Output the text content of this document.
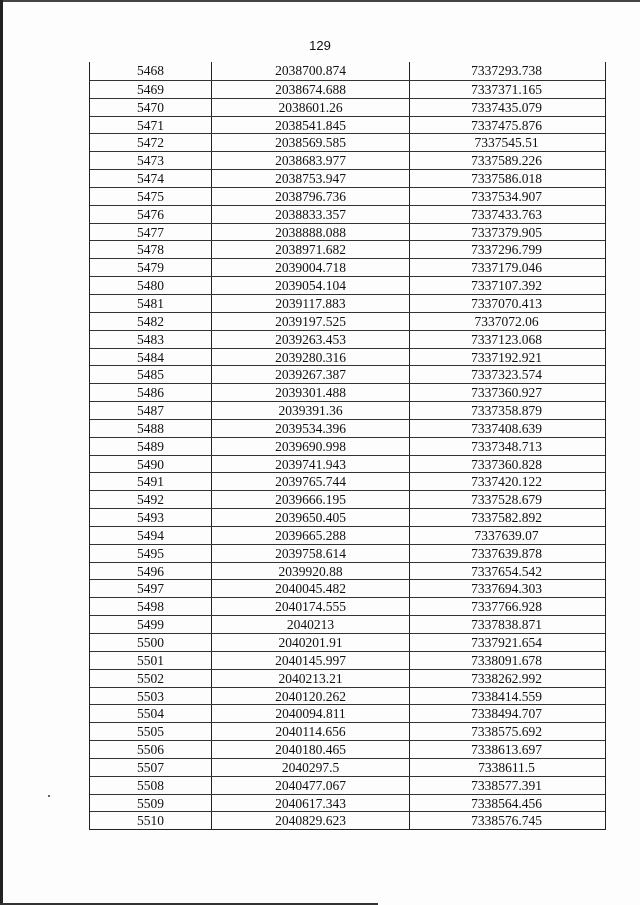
129
5468	2038700.874	7337293.738
5469	2038674.688	7337371.165
5470	2038601.26	7337435.079
5471	2038541.845	7337475.876
5472	2038569.585	7337545.51
5473	2038683.977	7337589.226
5474	2038753.947	7337586.018
5475	2038796.736	7337534.907
5476	2038833.357	7337433.763
5477	2038888.088	7337379.905
5478	2038971.682	7337296.799
5479	2039004.718	7337179.046
5480	2039054.104	7337107.392
5481	2039117.883	7337070.413
5482	2039197.525	7337072.06
5483	2039263.453	7337123.068
5484	2039280.316	7337192.921
5485	2039267.387	7337323.574
5486	2039301.488	7337360.927
5487	2039391.36	7337358.879
5488	2039534.396	7337408.639
5489	2039690.998	7337348.713
5490	2039741.943	7337360.828
5491	2039765.744	7337420.122
5492	2039666.195	7337528.679
5493	2039650.405	7337582.892
5494	2039665.288	7337639.07
5495	2039758.614	7337639.878
5496	2039920.88	7337654.542
5497	2040045.482	7337694.303
5498	2040174.555	7337766.928
5499	2040213	7337838.871
5500	2040201.91	7337921.654
5501	2040145.997	7338091.678
5502	2040213.21	7338262.992
5503	2040120.262	7338414.559
5504	2040094.811	7338494.707
5505	2040114.656	7338575.692
5506	2040180.465	7338613.697
5507	2040297.5	7338611.5
5508	2040477.067	7338577.391
5509	2040617.343	7338564.456
5510	2040829.623	7338576.745
